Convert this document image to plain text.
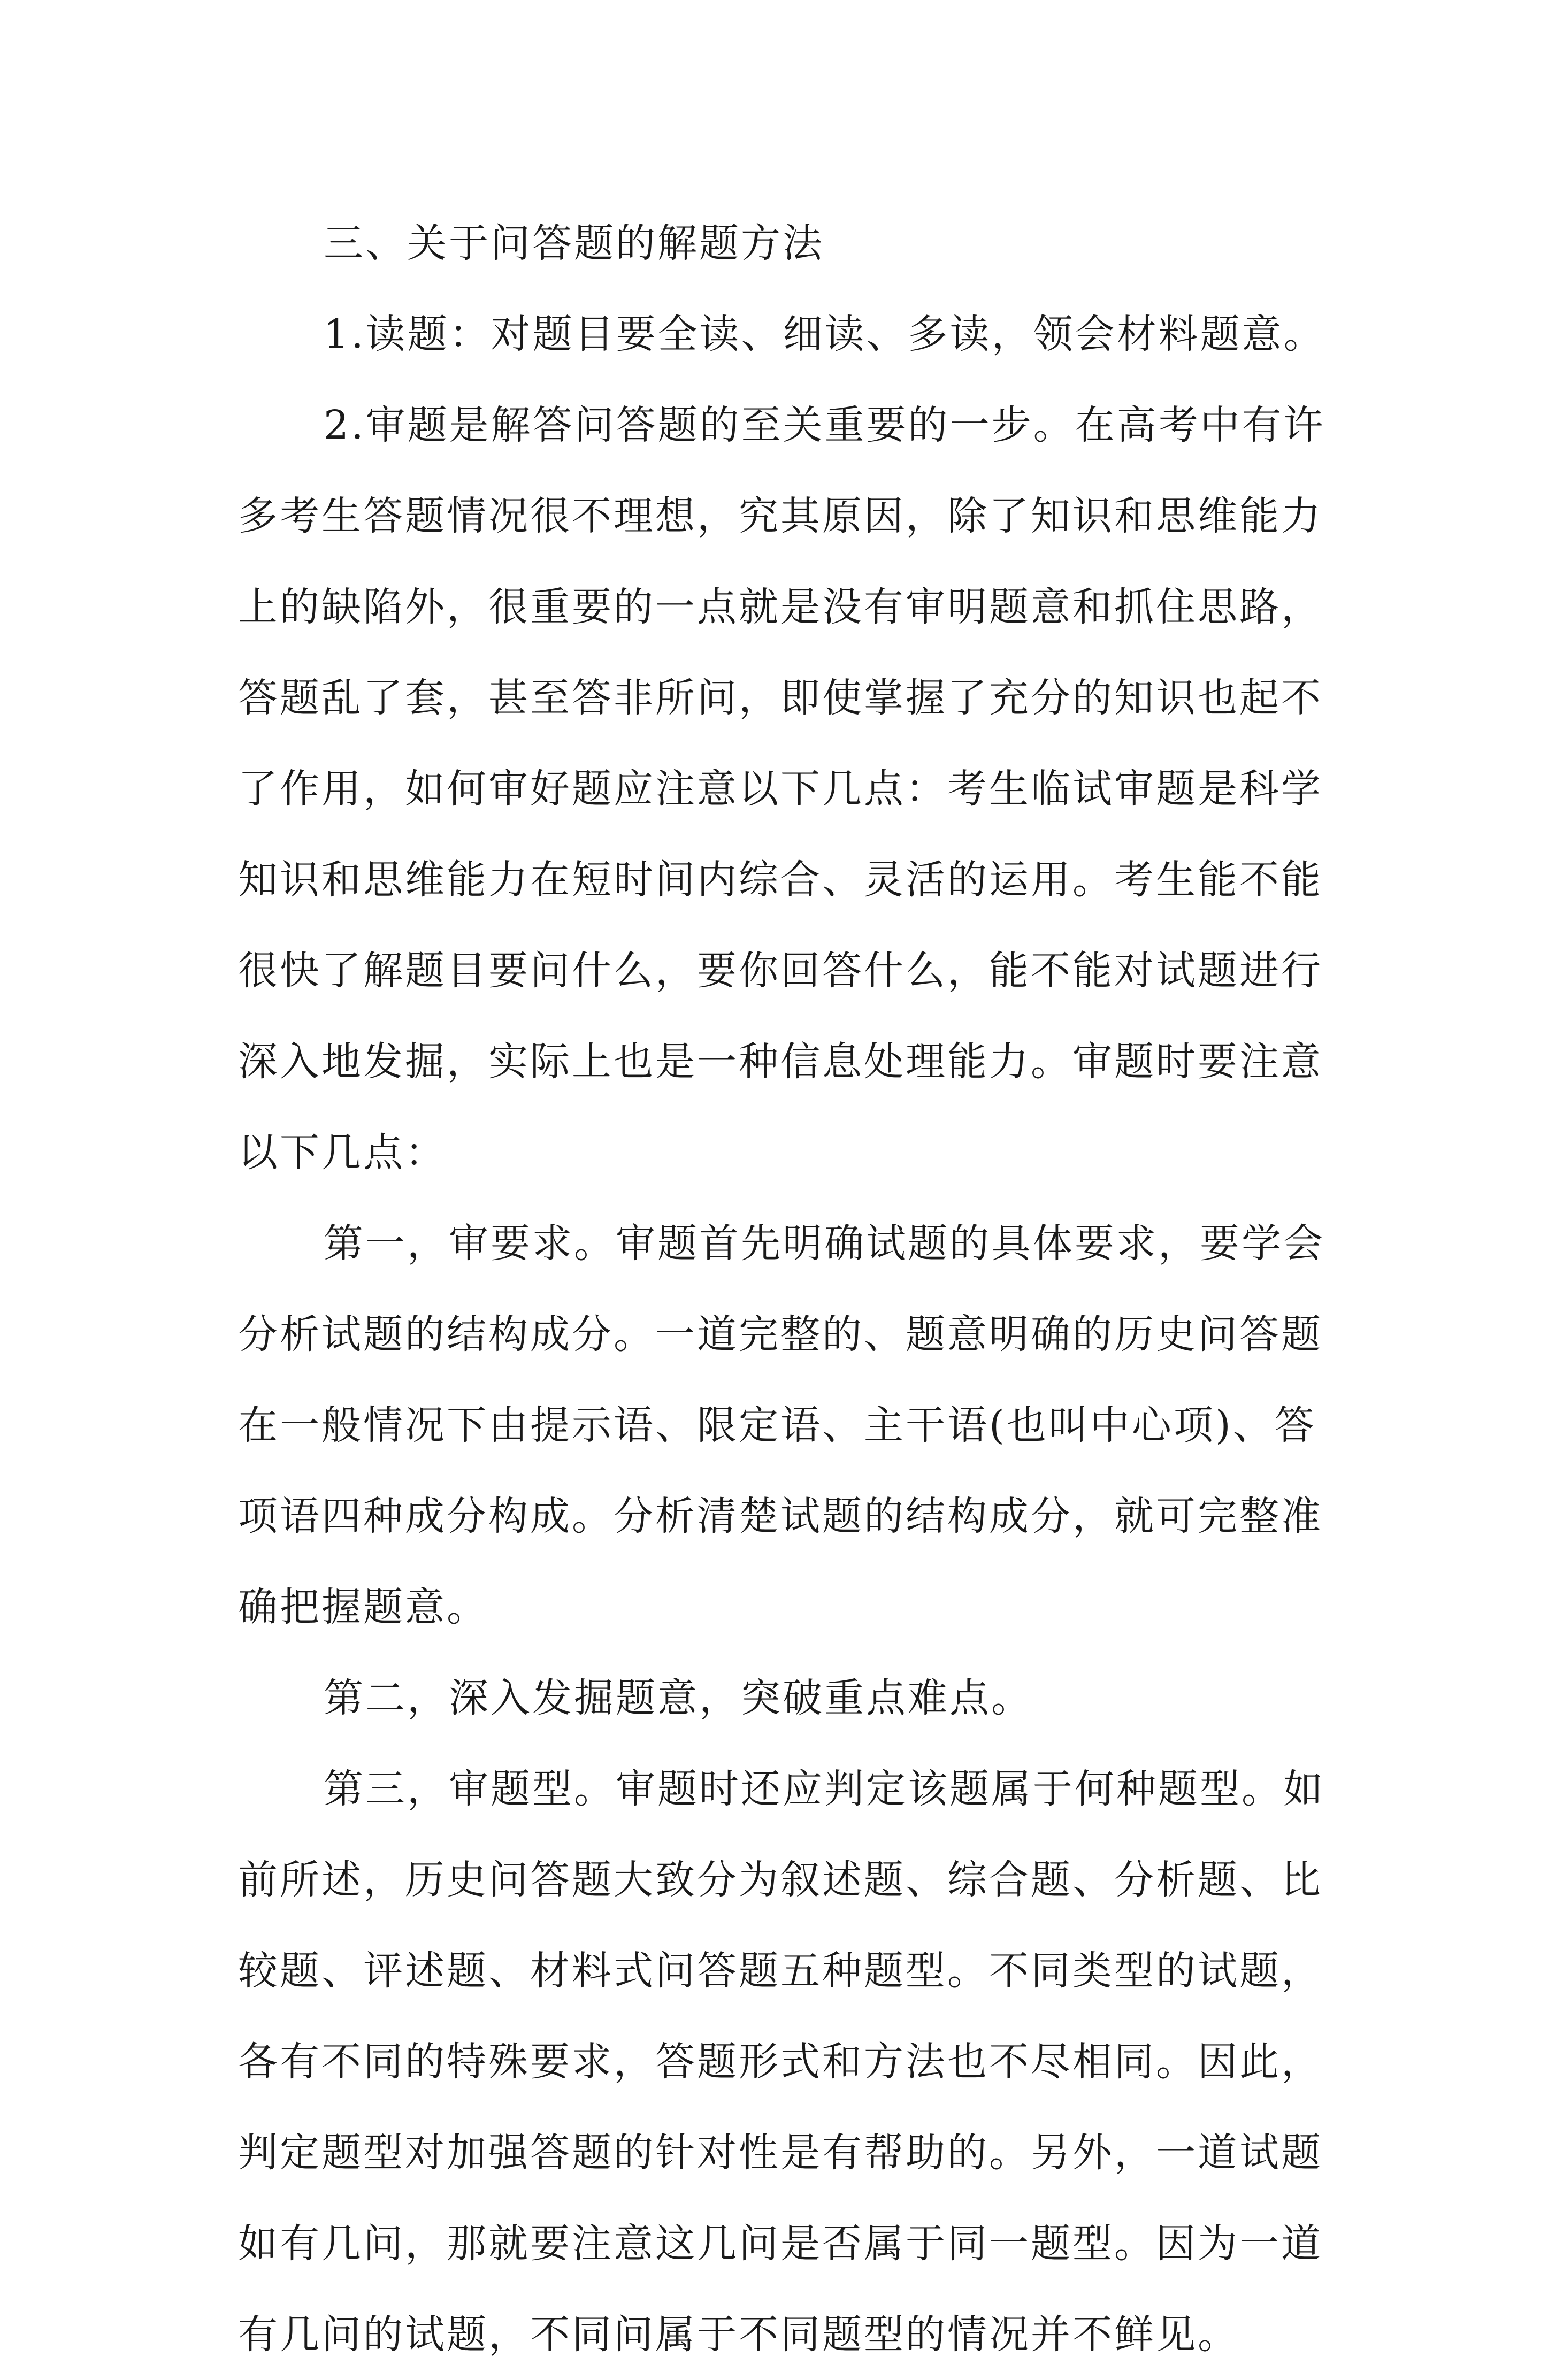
三、关于问答题的解题方法
1.读题：对题目要全读、细读、多读，领会材料题意。
2.审题是解答问答题的至关重要的一步。在高考中有许
多考生答题情况很不理想，究其原因，除了知识和思维能力
上的缺陷外，很重要的一点就是没有审明题意和抓住思路，
答题乱了套，甚至答非所问，即使掌握了充分的知识也起不
了作用，如何审好题应注意以下几点：考生临试审题是科学
知识和思维能力在短时间内综合、灵活的运用。考生能不能
很快了解题目要问什么，要你回答什么，能不能对试题进行
深入地发掘，实际上也是一种信息处理能力。审题时要注意
以下几点：
第一，审要求。审题首先明确试题的具体要求，要学会
分析试题的结构成分。一道完整的、题意明确的历史问答题
在一般情况下由提示语、限定语、主干语(也叫中心项)、答
项语四种成分构成。分析清楚试题的结构成分，就可完整准
确把握题意。
第二，深入发掘题意，突破重点难点。
第三，审题型。审题时还应判定该题属于何种题型。如
前所述，历史问答题大致分为叙述题、综合题、分析题、比
较题、评述题、材料式问答题五种题型。不同类型的试题，
各有不同的特殊要求，答题形式和方法也不尽相同。因此，
判定题型对加强答题的针对性是有帮助的。另外，一道试题
如有几问，那就要注意这几问是否属于同一题型。因为一道
有几问的试题，不同问属于不同题型的情况并不鲜见。
